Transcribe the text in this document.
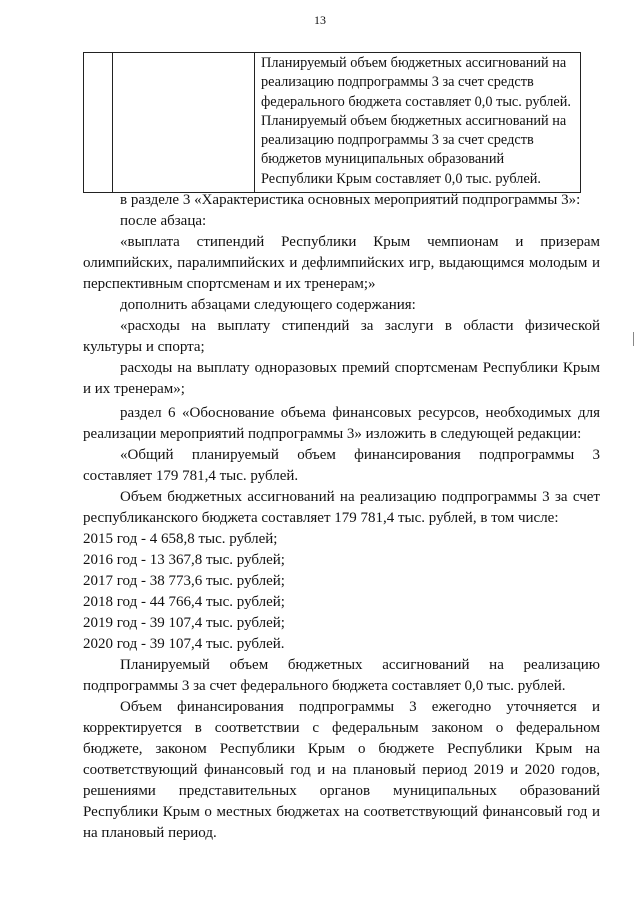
13

Планируемый объем бюджетных ассигнований на
реализацию подпрограммы 3 за счет средств
федерального бюджета составляет 0,0 тыс. рублей.
Планируемый объем бюджетных ассигнований на
реализацию подпрограммы 3 за счет средств
бюджетов муниципальных образований
Республики Крым составляет 0,0 тыс. рублей.
в разделе 3 «Характеристика основных мероприятий подпрограммы 3»:
после абзаца:
«выплата стипендий Республики Крым чемпионам и призерам
олимпийских, паралимпийских и дефлимпийских игр, выдающимся молодым и
перспективным спортсменам и их тренерам;»
дополнить абзацами следующего содержания:
«расходы на выплату стипендий за заслуги в области физической
культуры и спорта;
расходы на выплату одноразовых премий спортсменам Республики Крым
и их тренерам»;
раздел 6 «Обоснование объема финансовых ресурсов, необходимых для
реализации мероприятий подпрограммы 3» изложить в следующей редакции:
«Общий планируемый объем финансирования подпрограммы 3
составляет 179 781,4 тыс. рублей.
Объем бюджетных ассигнований на реализацию подпрограммы 3 за счет
республиканского бюджета составляет 179 781,4 тыс. рублей, в том числе:
2015 год - 4 658,8 тыс. рублей;
2016 год - 13 367,8 тыс. рублей;
2017 год - 38 773,6 тыс. рублей;
2018 год - 44 766,4 тыс. рублей;
2019 год - 39 107,4 тыс. рублей;
2020 год - 39 107,4 тыс. рублей.
Планируемый объем бюджетных ассигнований на реализацию
подпрограммы 3 за счет федерального бюджета составляет 0,0 тыс. рублей.
Объем финансирования подпрограммы 3 ежегодно уточняется и
корректируется в соответствии с федеральным законом о федеральном
бюджете, законом Республики Крым о бюджете Республики Крым на
соответствующий финансовый год и на плановый период 2019 и 2020 годов,
решениями представительных органов муниципальных образований
Республики Крым о местных бюджетах на соответствующий финансовый год и
на плановый период.
